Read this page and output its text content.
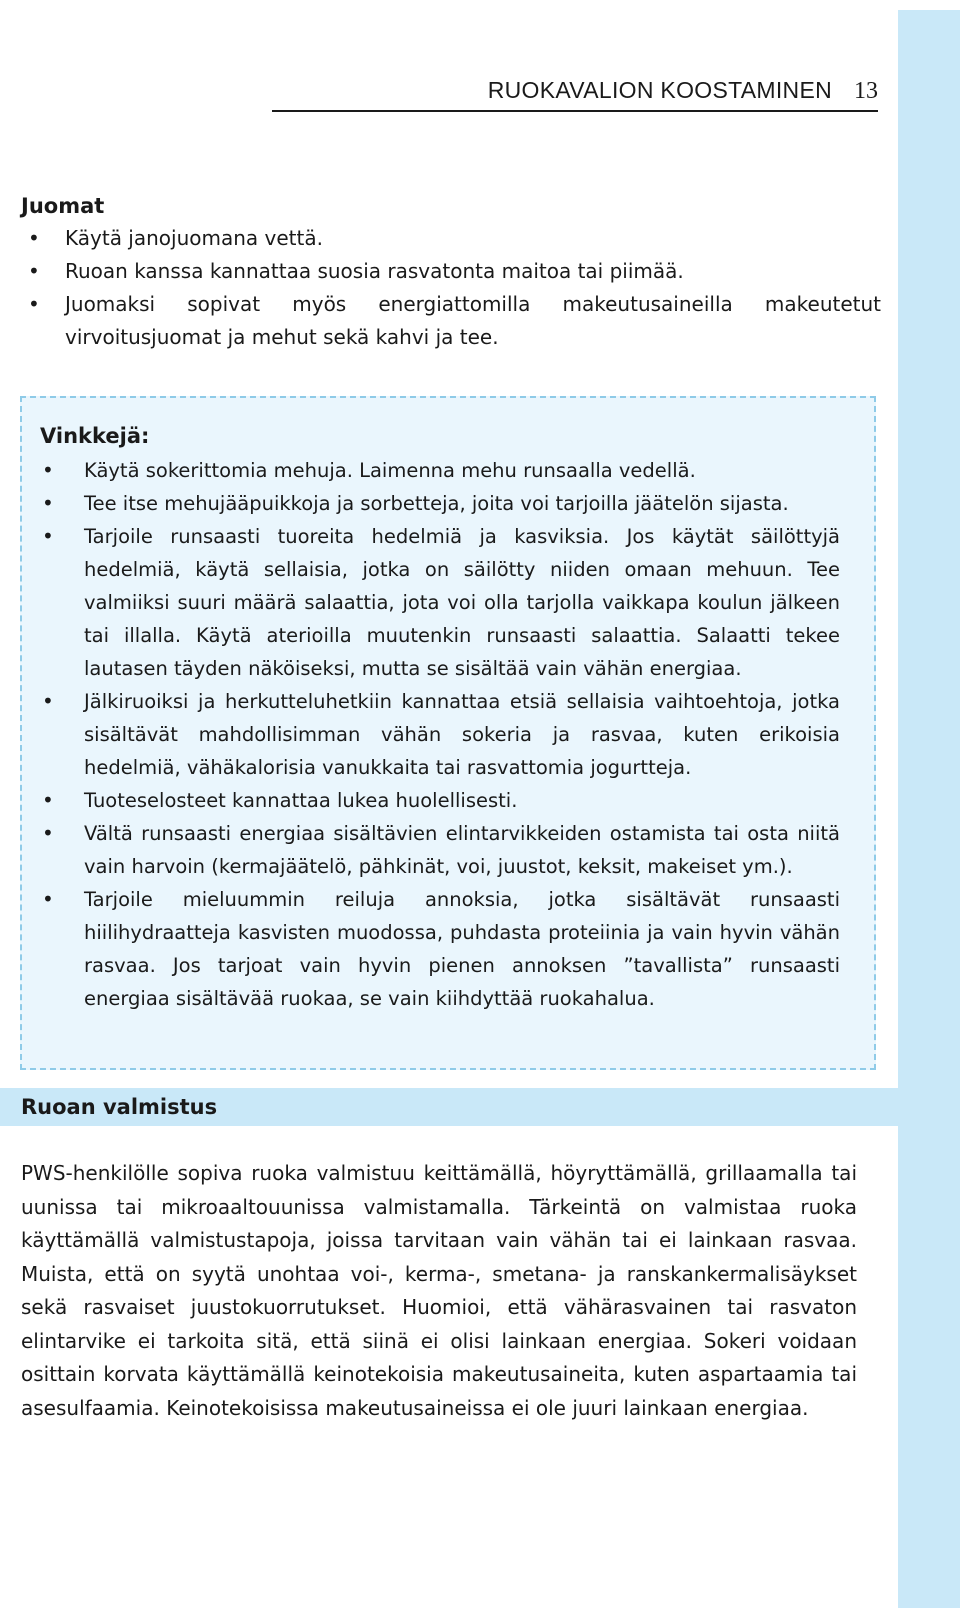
RUOKAVALION KOOSTAMINEN 13
Juomat
• Käytä janojuomana vettä.
• Ruoan kanssa kannattaa suosia rasvatonta maitoa tai piimää.
• Juomaksi sopivat myös energiattomilla makeutusaineilla makeutetut virvoitusjuomat ja mehut sekä kahvi ja tee.
Vinkkejä:
• Käytä sokerittomia mehuja. Laimenna mehu runsaalla vedellä.
• Tee itse mehujääpuikkoja ja sorbetteja, joita voi tarjoilla jäätelön sijasta.
• Tarjoile runsaasti tuoreita hedelmiä ja kasviksia. Jos käytät säilöttyjä hedelmiä, käytä sellaisia, jotka on säilötty niiden omaan mehuun. Tee valmiiksi suuri määrä salaattia, jota voi olla tarjolla vaikkapa koulun jälkeen tai illalla. Käytä aterioilla muutenkin runsaasti salaattia. Salaatti tekee lautasen täyden näköiseksi, mutta se sisältää vain vähän energiaa.
• Jälkiruoiksi ja herkutteluhetkiin kannattaa etsiä sellaisia vaihtoehtoja, jotka sisältävät mahdollisimman vähän sokeria ja rasvaa, kuten erikoisia hedelmiä, vähäkalorisia vanukkaita tai rasvattomia jogurtteja.
• Tuoteselosteet kannattaa lukea huolellisesti.
• Vältä runsaasti energiaa sisältävien elintarvikkeiden ostamista tai osta niitä vain harvoin (kermajäätelö, pähkinät, voi, juustot, keksit, makeiset ym.).
• Tarjoile mieluummin reiluja annoksia, jotka sisältävät runsaasti hiilihydraatteja kasvisten muodossa, puhdasta proteiinia ja vain hyvin vähän rasvaa. Jos tarjoat vain hyvin pienen annoksen ”tavallista” runsaasti energiaa sisältävää ruokaa, se vain kiihdyttää ruokahalua.
Ruoan valmistus

PWS-henkilölle sopiva ruoka valmistuu keittämällä, höyryttämällä, grillaamalla tai uunissa tai mikroaaltouunissa valmistamalla. Tärkeintä on valmistaa ruoka käyttämällä valmistustapoja, joissa tarvitaan vain vähän tai ei lainkaan rasvaa. Muista, että on syytä unohtaa voi-, kerma-, smetana- ja ranskankermalisäykset sekä rasvaiset juustokuorrutukset. Huomioi, että vähärasvainen tai rasvaton elintarvike ei tarkoita sitä, että siinä ei olisi lainkaan energiaa. Sokeri voidaan osittain korvata käyttämällä keinotekoisia makeutusaineita, kuten aspartaamia tai asesulfaamia. Keinotekoisissa makeutusaineissa ei ole juuri lainkaan energiaa.
